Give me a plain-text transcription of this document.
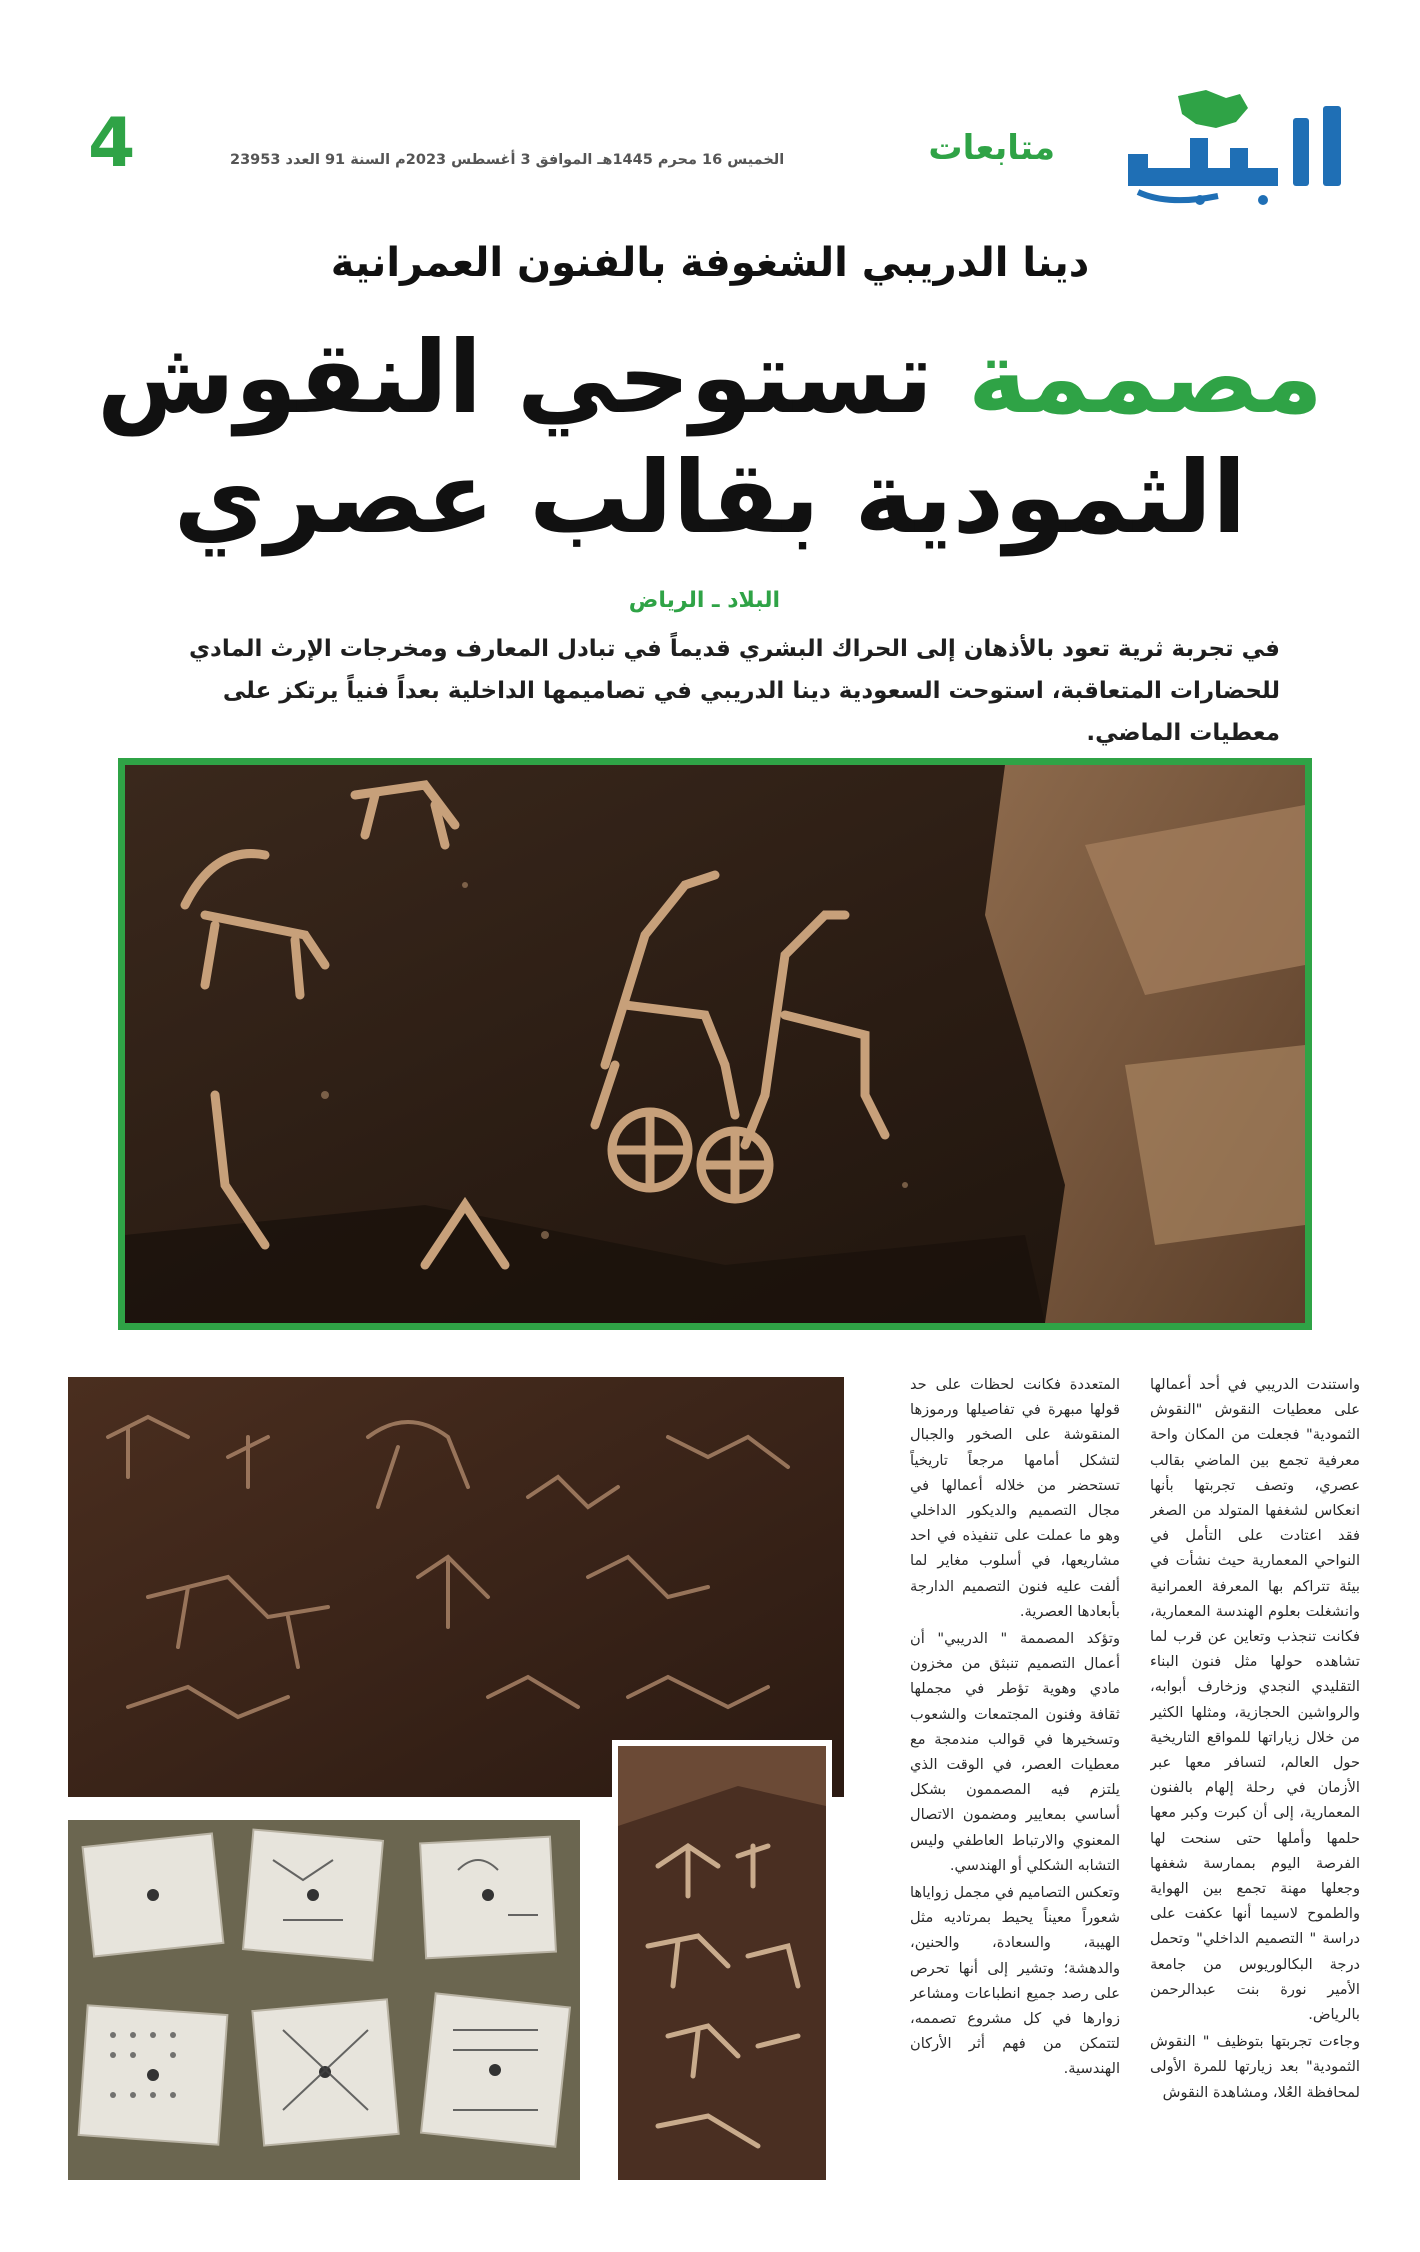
متابعات
الخميس 16 محرم 1445هـ الموافق 3 أغسطس 2023م السنة 91 العدد 23953
4
دينا الدريبي الشغوفة بالفنون العمرانية
مصممة تستوحي النقوش
الثمودية بقالب عصري
البلاد ـ الرياض

في تجربة ثرية تعود بالأذهان إلى الحراك البشري قديماً في تبادل المعارف ومخرجات الإرث المادي للحضارات المتعاقبة، استوحت السعودية دينا الدريبي في تصاميمها الداخلية بعداً فنياً يرتكز على معطيات الماضي.

واستندت الدريبي في أحد أعمالها على معطيات النقوش "النقوش الثمودية" فجعلت من المكان واحة معرفية تجمع بين الماضي بقالب عصري، وتصف تجربتها بأنها انعكاس لشغفها المتولد من الصغر فقد اعتادت على التأمل في النواحي المعمارية حيث نشأت في بيئة تتراكم بها المعرفة العمرانية وانشغلت بعلوم الهندسة المعمارية، فكانت تنجذب وتعاين عن قرب لما تشاهده حولها مثل فنون البناء التقليدي النجدي وزخارف أبوابه، والرواشين الحجازية، ومثلها الكثير من خلال زياراتها للمواقع التاريخية حول العالم، لتسافر معها عبر الأزمان في رحلة إلهام بالفنون المعمارية، إلى أن كبرت وكبر معها حلمها وأملها حتى سنحت لها الفرصة اليوم بممارسة شغفها وجعلها مهنة تجمع بين الهواية والطموح لاسيما أنها عكفت على دراسة " التصميم الداخلي" وتحمل درجة البكالوريوس من جامعة الأمير نورة بنت عبدالرحمن بالرياض.

وجاءت تجربتها بتوظيف " النقوش الثمودية" بعد زيارتها للمرة الأولى لمحافظة العُلا، ومشاهدة النقوش

المتعددة فكانت لحظات على حد قولها مبهرة في تفاصيلها ورموزها المنقوشة على الصخور والجبال لتشكل أمامها مرجعاً تاريخياً تستحضر من خلاله أعمالها في مجال التصميم والديكور الداخلي وهو ما عملت على تنفيذه في احد مشاريعها، في أسلوب مغاير لما ألفت عليه فنون التصميم الدارجة بأبعادها العصرية.

وتؤكد المصممة " الدريبي" أن أعمال التصميم تنبثق من مخزون مادي وهوية تؤطر في مجملها ثقافة وفنون المجتمعات والشعوب وتسخيرها في قوالب مندمجة مع معطيات العصر، في الوقت الذي يلتزم فيه المصممون بشكل أساسي بمعايير ومضمون الاتصال المعنوي والارتباط العاطفي وليس التشابه الشكلي أو الهندسي.

وتعكس التصاميم في مجمل زواياها شعوراً معيناً يحيط بمرتاديه مثل الهيبة، والسعادة، والحنين، والدهشة؛ وتشير إلى أنها تحرص على رصد جميع انطباعات ومشاعر زوارها في كل مشروع تصممه، لتتمكن من فهم أثر الأركان الهندسية.
